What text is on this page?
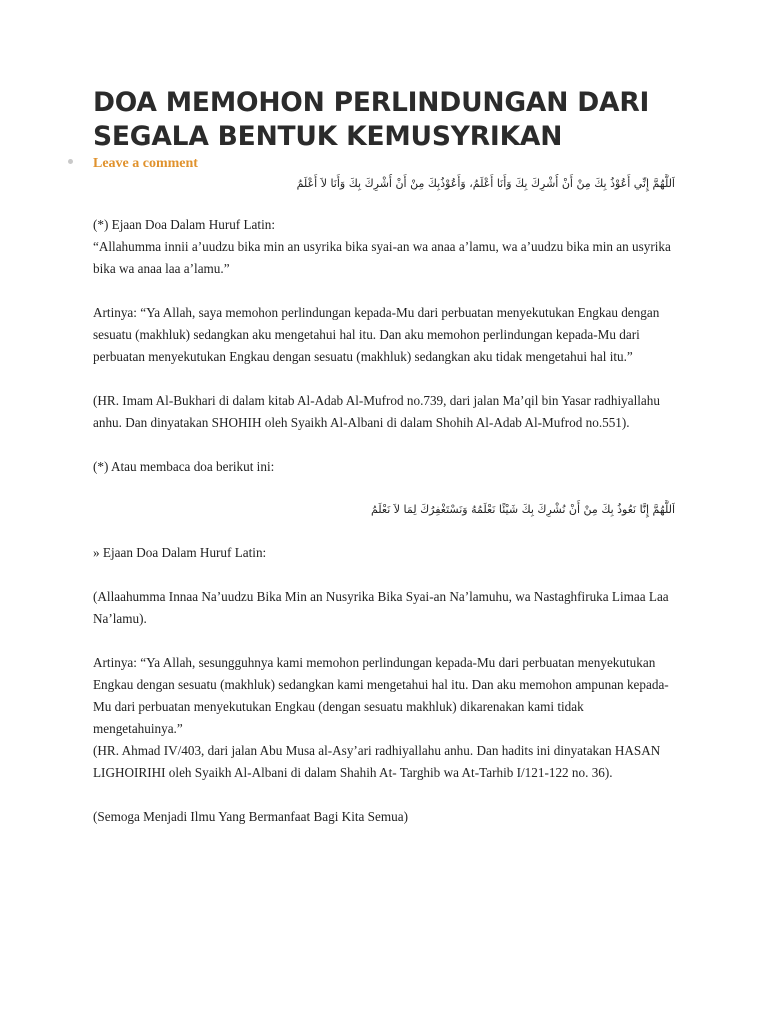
DOA MEMOHON PERLINDUNGAN DARI SEGALA BENTUK KEMUSYRIKAN
Leave a comment
اَللَّهُمَّ إِنِّي أَعُوْذُ بِكَ مِنْ أَنْ أُشْرِكَ بِكَ وَأَنَا أَعْلَمُ، وَأَعُوْذُبِكَ مِنْ أَنْ أُشْرِكَ بِكَ وَأَنَا لاَ أَعْلَمُ

(*) Ejaan Doa Dalam Huruf Latin:

“Allahumma innii a’uudzu bika min an usyrika bika syai-an wa anaa a’lamu, wa a’uudzu bika min an usyrika bika wa anaa laa a’lamu.”

Artinya: “Ya Allah, saya memohon perlindungan kepada-Mu dari perbuatan menyekutukan Engkau dengan sesuatu (makhluk) sedangkan aku mengetahui hal itu. Dan aku memohon perlindungan kepada-Mu dari perbuatan menyekutukan Engkau dengan sesuatu (makhluk) sedangkan aku tidak mengetahui hal itu.”

(HR. Imam Al-Bukhari di dalam kitab Al-Adab Al-Mufrod no.739, dari jalan Ma’qil bin Yasar radhiyallahu anhu. Dan dinyatakan SHOHIH oleh Syaikh Al-Albani di dalam Shohih Al-Adab Al-Mufrod no.551).

(*) Atau membaca doa berikut ini:

اَللَّهُمَّ إِنَّا نَعُوذُ بِكَ مِنْ أَنْ نُشْرِكَ بِكَ شَيْئًا نَعْلَمُهُ وَنَسْتَغْفِرُكَ لِمَا لاَ نَعْلَمُ

» Ejaan Doa Dalam Huruf Latin:

(Allaahumma Innaa Na’uudzu Bika Min an Nusyrika Bika Syai-an Na’lamuhu, wa Nastaghfiruka Limaa Laa Na’lamu).

Artinya: “Ya Allah, sesungguhnya kami memohon perlindungan kepada-Mu dari perbuatan menyekutukan Engkau dengan sesuatu (makhluk) sedangkan kami mengetahui hal itu. Dan aku memohon ampunan kepada-Mu dari perbuatan menyekutukan Engkau (dengan sesuatu makhluk) dikarenakan kami tidak mengetahuinya.”

(HR. Ahmad IV/403, dari jalan Abu Musa al-Asy’ari radhiyallahu anhu. Dan hadits ini dinyatakan HASAN LIGHOIRIHI oleh Syaikh Al-Albani di dalam Shahih At- Targhib wa At-Tarhib I/121-122 no. 36).

(Semoga Menjadi Ilmu Yang Bermanfaat Bagi Kita Semua)
